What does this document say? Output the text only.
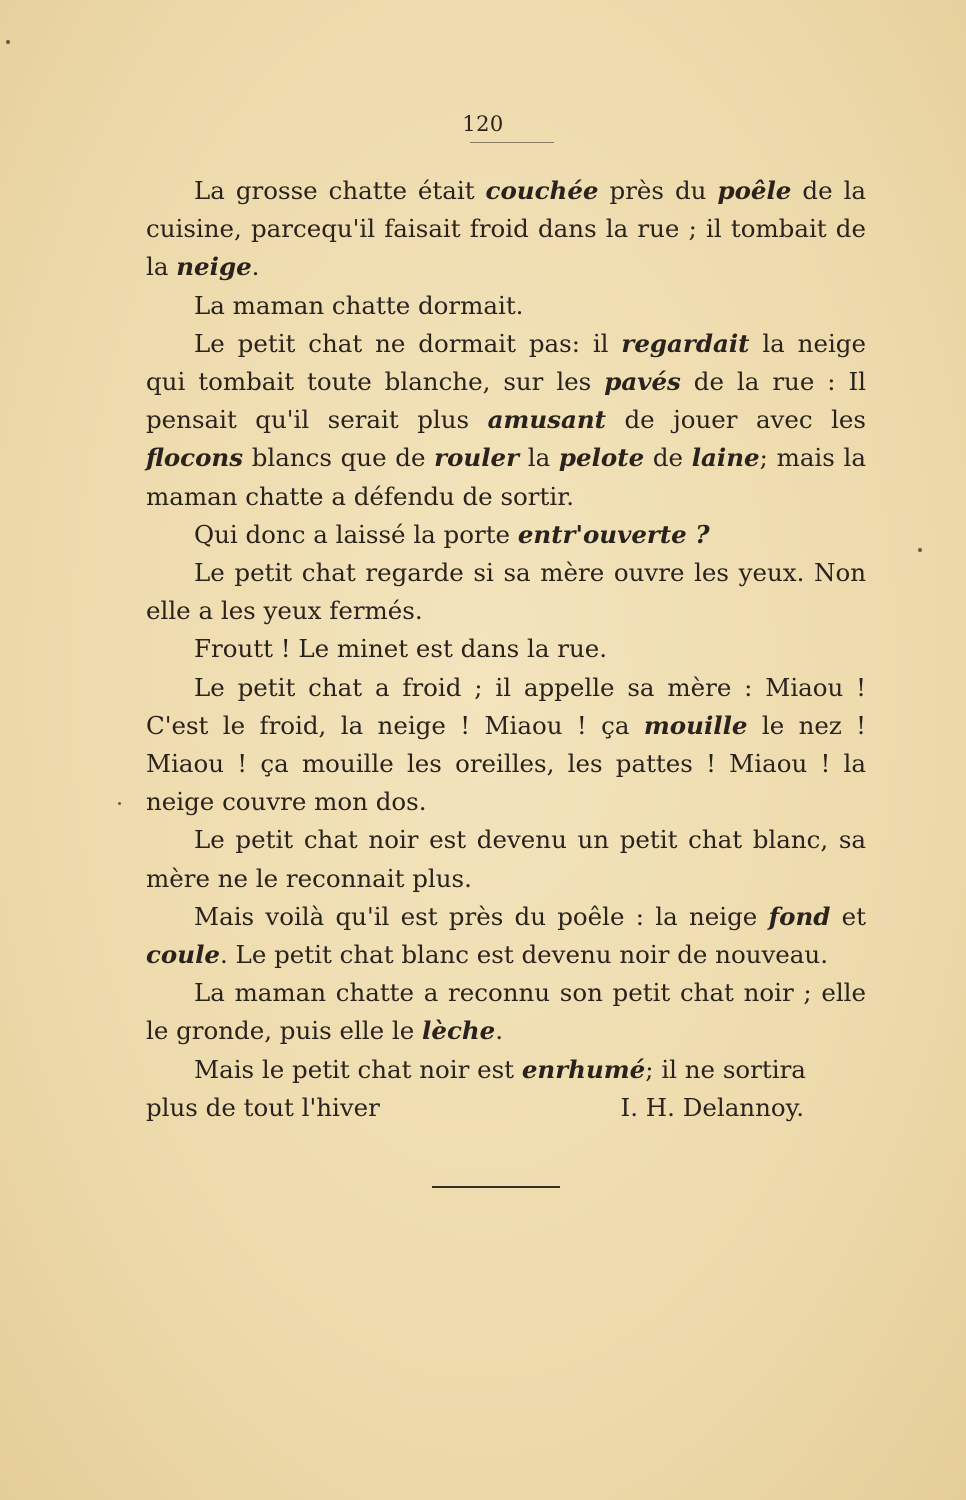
120

La grosse chatte était couchée près du poêle de la cuisine, parcequ'il faisait froid dans la rue ; il tombait de la neige.

La maman chatte dormait.

Le petit chat ne dormait pas: il regardait la neige qui tombait toute blanche, sur les pavés de la rue : Il pensait qu'il serait plus amusant de jouer avec les flocons blancs que de rouler la pelote de laine; mais la maman chatte a défendu de sortir.

Qui donc a laissé la porte entr'ouverte ?

Le petit chat regarde si sa mère ouvre les yeux. Non elle a les yeux fermés.

Froutt ! Le minet est dans la rue.

Le petit chat a froid ; il appelle sa mère : Miaou ! C'est le froid, la neige ! Miaou ! ça mouille le nez ! Miaou ! ça mouille les oreilles, les pattes ! Miaou ! la neige couvre mon dos.

Le petit chat noir est devenu un petit chat blanc, sa mère ne le reconnait plus.

Mais voilà qu'il est près du poêle : la neige fond et coule. Le petit chat blanc est devenu noir de nouveau.

La maman chatte a reconnu son petit chat noir ; elle le gronde, puis elle le lèche.

Mais le petit chat noir est enrhumé; il ne sortira

plus de tout l'hiver	I. H. Delannoy.
